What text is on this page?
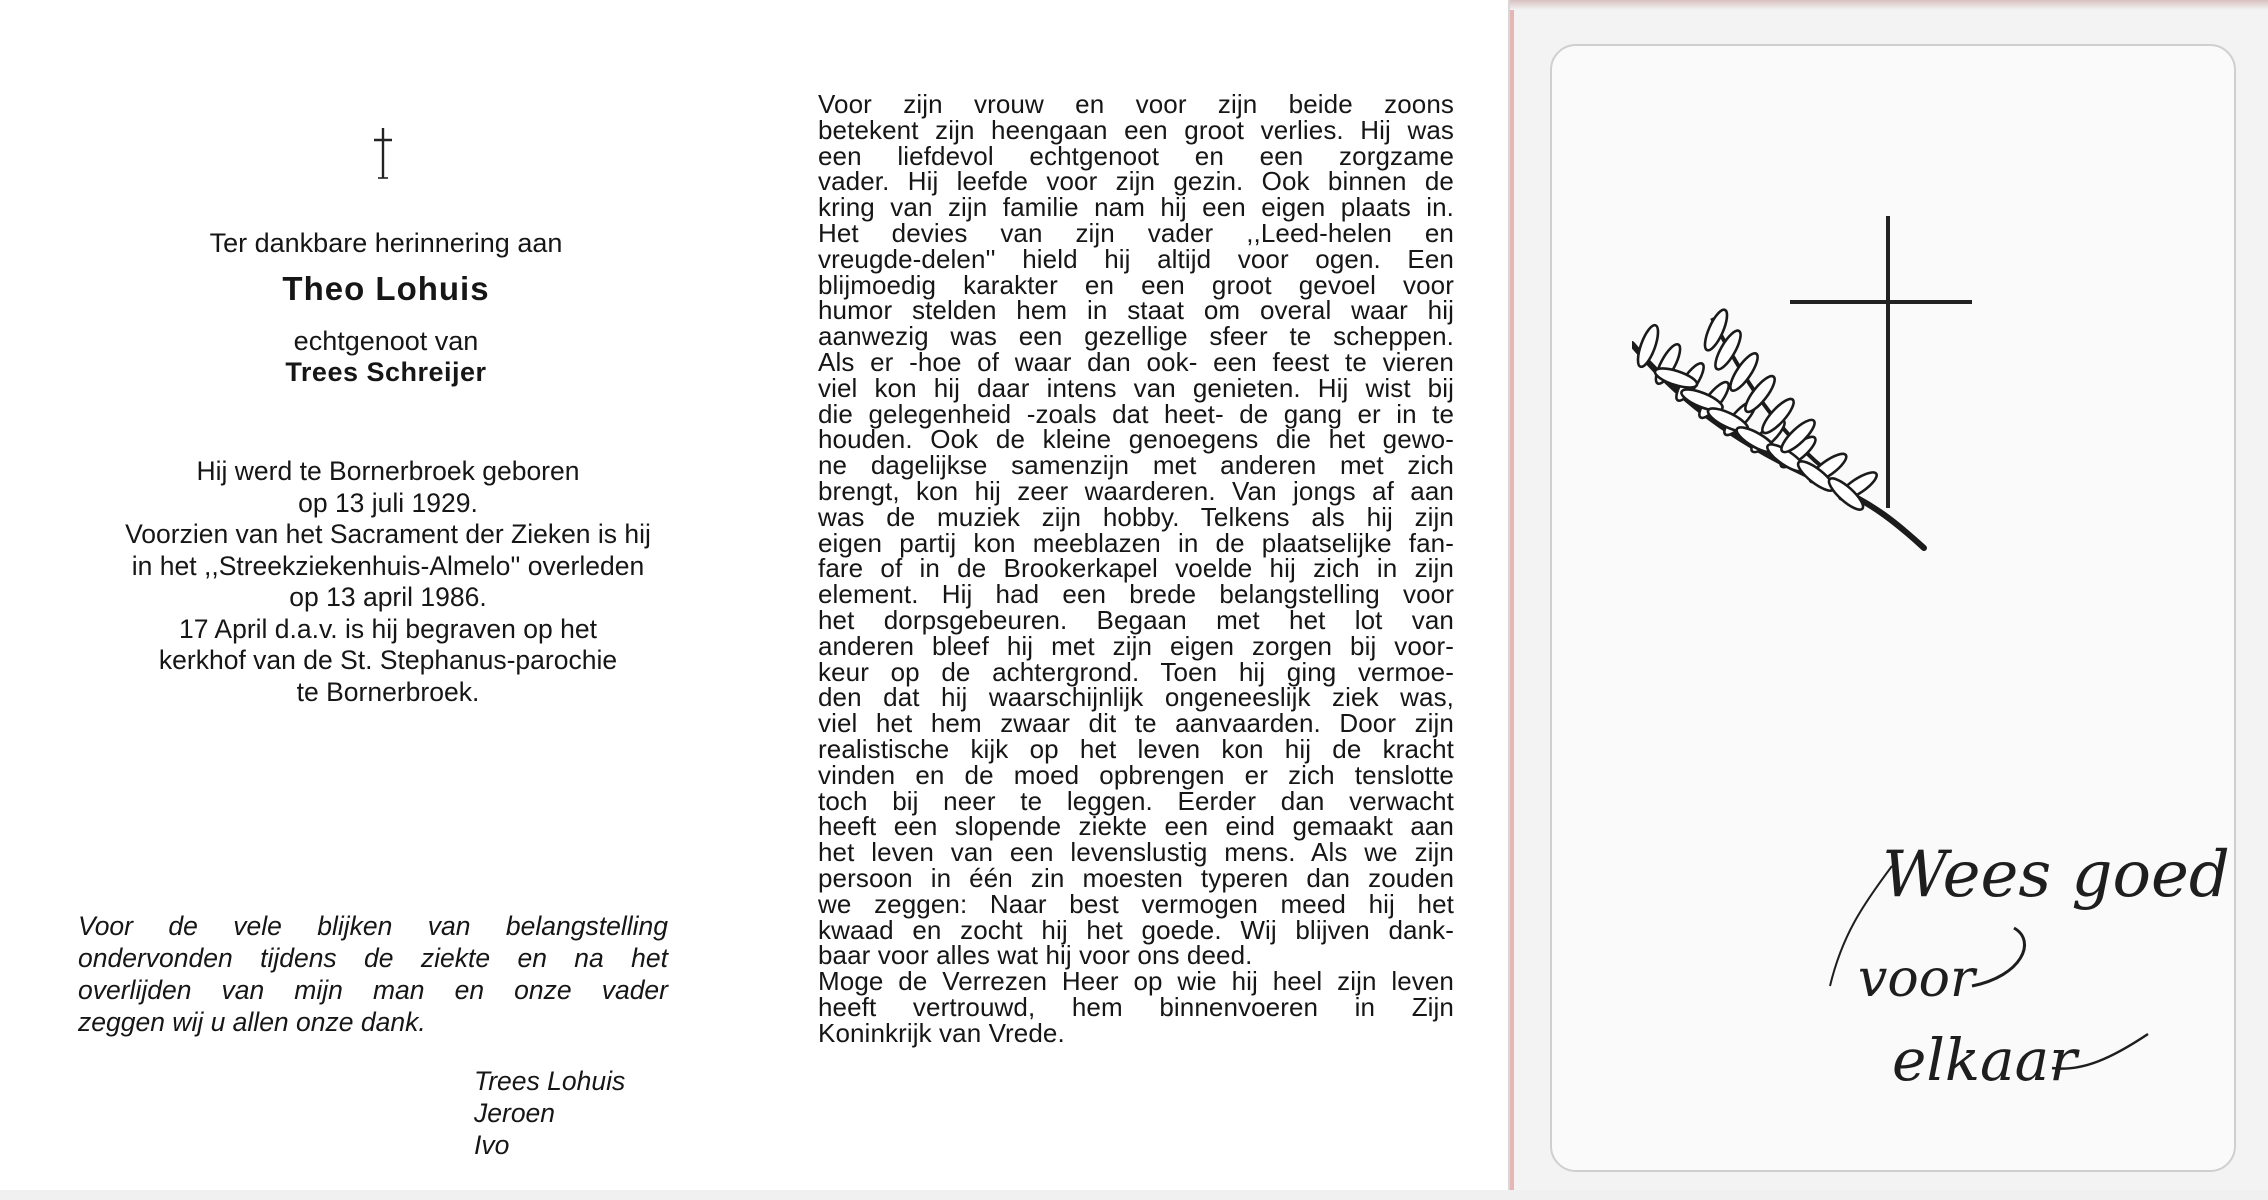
Ter dankbare herinnering aan
Theo Lohuis
echtgenoot van
Trees Schreijer
Hij werd te Bornerbroek geboren
op 13 juli 1929.
Voorzien van het Sacrament der Zieken is hij
in het ,,Streekziekenhuis-Almelo'' overleden
op 13 april 1986.
17 April d.a.v. is hij begraven op het
kerkhof van de St. Stephanus-parochie
te Bornerbroek.
Voor de vele blijken van belangstelling
ondervonden tijdens de ziekte en na het
overlijden van mijn man en onze vader
zeggen wij u allen onze dank.
Trees Lohuis
Jeroen
Ivo
Voor zijn vrouw en voor zijn beide zoons
betekent zijn heengaan een groot verlies. Hij was
een liefdevol echtgenoot en een zorgzame
vader. Hij leefde voor zijn gezin. Ook binnen de
kring van zijn familie nam hij een eigen plaats in.
Het devies van zijn vader ,,Leed-helen en
vreugde-delen'' hield hij altijd voor ogen. Een
blijmoedig karakter en een groot gevoel voor
humor stelden hem in staat om overal waar hij
aanwezig was een gezellige sfeer te scheppen.
Als er -hoe of waar dan ook- een feest te vieren
viel kon hij daar intens van genieten. Hij wist bij
die gelegenheid -zoals dat heet- de gang er in te
houden. Ook de kleine genoegens die het gewo-
ne dagelijkse samenzijn met anderen met zich
brengt, kon hij zeer waarderen. Van jongs af aan
was de muziek zijn hobby. Telkens als hij zijn
eigen partij kon meeblazen in de plaatselijke fan-
fare of in de Brookerkapel voelde hij zich in zijn
element. Hij had een brede belangstelling voor
het dorpsgebeuren. Begaan met het lot van
anderen bleef hij met zijn eigen zorgen bij voor-
keur op de achtergrond. Toen hij ging vermoe-
den dat hij waarschijnlijk ongeneeslijk ziek was,
viel het hem zwaar dit te aanvaarden. Door zijn
realistische kijk op het leven kon hij de kracht
vinden en de moed opbrengen er zich tenslotte
toch bij neer te leggen. Eerder dan verwacht
heeft een slopende ziekte een eind gemaakt aan
het leven van een levenslustig mens. Als we zijn
persoon in één zin moesten typeren dan zouden
we zeggen: Naar best vermogen meed hij het
kwaad en zocht hij het goede. Wij blijven dank-
baar voor alles wat hij voor ons deed.
Moge de Verrezen Heer op wie hij heel zijn leven
heeft vertrouwd, hem binnenvoeren in Zijn
Koninkrijk van Vrede.
Wees goed
voor
elkaar
